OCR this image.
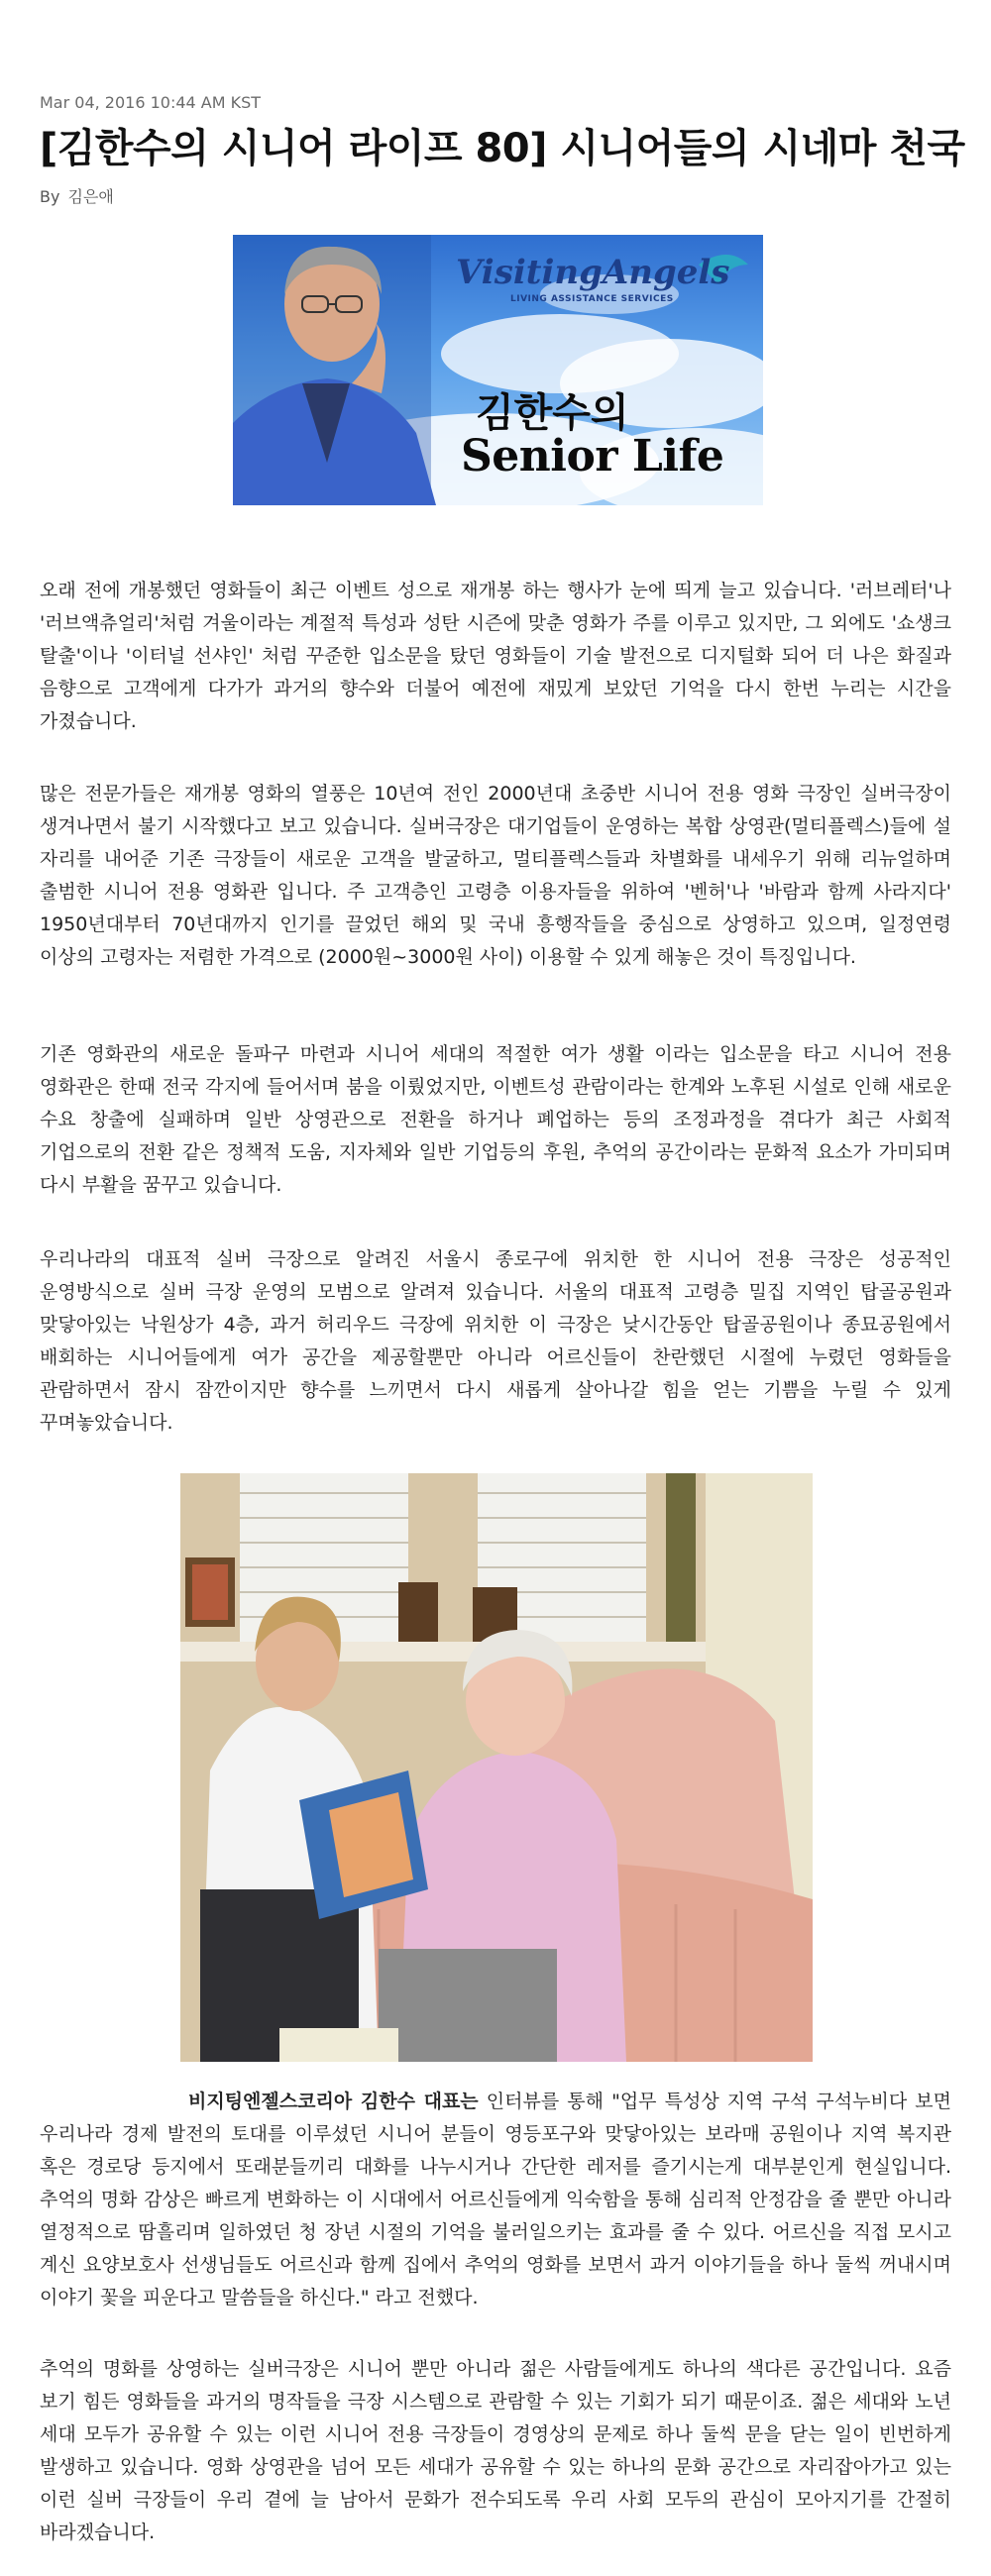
Mar 04, 2016 10:44 AM KST
[김한수의 시니어 라이프 80] 시니어들의 시네마 천국
By 김은애
VisitingAngels
LIVING ASSISTANCE SERVICES
김한수의
Senior Life

오래 전에 개봉했던 영화들이 최근 이벤트 성으로 재개봉 하는 행사가 눈에 띄게 늘고 있습니다. '러브레터'나 '러브액츄얼리'처럼 겨울이라는 계절적 특성과 성탄 시즌에 맞춘 영화가 주를 이루고 있지만, 그 외에도 '쇼생크 탈출'이나 '이터널 선샤인' 처럼 꾸준한 입소문을 탔던 영화들이 기술 발전으로 디지털화 되어 더 나은 화질과 음향으로 고객에게 다가가 과거의 향수와 더불어 예전에 재밌게 보았던 기억을 다시 한번 누리는 시간을 가졌습니다.

많은 전문가들은 재개봉 영화의 열풍은 10년여 전인 2000년대 초중반 시니어 전용 영화 극장인 실버극장이 생겨나면서 불기 시작했다고 보고 있습니다. 실버극장은 대기업들이 운영하는 복합 상영관(멀티플렉스)들에 설 자리를 내어준 기존 극장들이 새로운 고객을 발굴하고, 멀티플렉스들과 차별화를 내세우기 위해 리뉴얼하며 출범한 시니어 전용 영화관 입니다. 주 고객층인 고령층 이용자들을 위하여 '벤허'나 '바람과 함께 사라지다' 1950년대부터 70년대까지 인기를 끌었던 해외 및 국내 흥행작들을 중심으로 상영하고 있으며, 일정연령 이상의 고령자는 저렴한 가격으로 (2000원~3000원 사이) 이용할 수 있게 해놓은 것이 특징입니다.

기존 영화관의 새로운 돌파구 마련과 시니어 세대의 적절한 여가 생활 이라는 입소문을 타고 시니어 전용 영화관은 한때 전국 각지에 들어서며 붐을 이뤘었지만, 이벤트성 관람이라는 한계와 노후된 시설로 인해 새로운 수요 창출에 실패하며 일반 상영관으로 전환을 하거나 폐업하는 등의 조정과정을 겪다가 최근 사회적 기업으로의 전환 같은 정책적 도움, 지자체와 일반 기업등의 후원, 추억의 공간이라는 문화적 요소가 가미되며 다시 부활을 꿈꾸고 있습니다.

우리나라의 대표적 실버 극장으로 알려진 서울시 종로구에 위치한 한 시니어 전용 극장은 성공적인 운영방식으로 실버 극장 운영의 모범으로 알려져 있습니다. 서울의 대표적 고령층 밀집 지역인 탑골공원과 맞닿아있는 낙원상가 4층, 과거 허리우드 극장에 위치한 이 극장은 낮시간동안 탑골공원이나 종묘공원에서 배회하는 시니어들에게 여가 공간을 제공할뿐만 아니라 어르신들이 찬란했던 시절에 누렸던 영화들을 관람하면서 잠시 잠깐이지만 향수를 느끼면서 다시 새롭게 살아나갈 힘을 얻는 기쁨을 누릴 수 있게 꾸며놓았습니다.

비지팅엔젤스코리아 김한수 대표는 인터뷰를 통해 "업무 특성상 지역 구석 구석누비다 보면 우리나라 경제 발전의 토대를 이루셨던 시니어 분들이 영등포구와 맞닿아있는 보라매 공원이나 지역 복지관 혹은 경로당 등지에서 또래분들끼리 대화를 나누시거나 간단한 레저를 즐기시는게 대부분인게 현실입니다. 추억의 명화 감상은 빠르게 변화하는 이 시대에서 어르신들에게 익숙함을 통해 심리적 안정감을 줄 뿐만 아니라 열정적으로 땀흘리며 일하였던 청 장년 시절의 기억을 불러일으키는 효과를 줄 수 있다. 어르신을 직접 모시고 계신 요양보호사 선생님들도 어르신과 함께 집에서 추억의 영화를 보면서 과거 이야기들을 하나 둘씩 꺼내시며 이야기 꽃을 피운다고 말씀들을 하신다." 라고 전했다.

추억의 명화를 상영하는 실버극장은 시니어 뿐만 아니라 젊은 사람들에게도 하나의 색다른 공간입니다. 요즘 보기 힘든 영화들을 과거의 명작들을 극장 시스템으로 관람할 수 있는 기회가 되기 때문이죠. 젊은 세대와 노년 세대 모두가 공유할 수 있는 이런 시니어 전용 극장들이 경영상의 문제로 하나 둘씩 문을 닫는 일이 빈번하게 발생하고 있습니다. 영화 상영관을 넘어 모든 세대가 공유할 수 있는 하나의 문화 공간으로 자리잡아가고 있는 이런 실버 극장들이 우리 곁에 늘 남아서 문화가 전수되도록 우리 사회 모두의 관심이 모아지기를 간절히 바라겠습니다.
